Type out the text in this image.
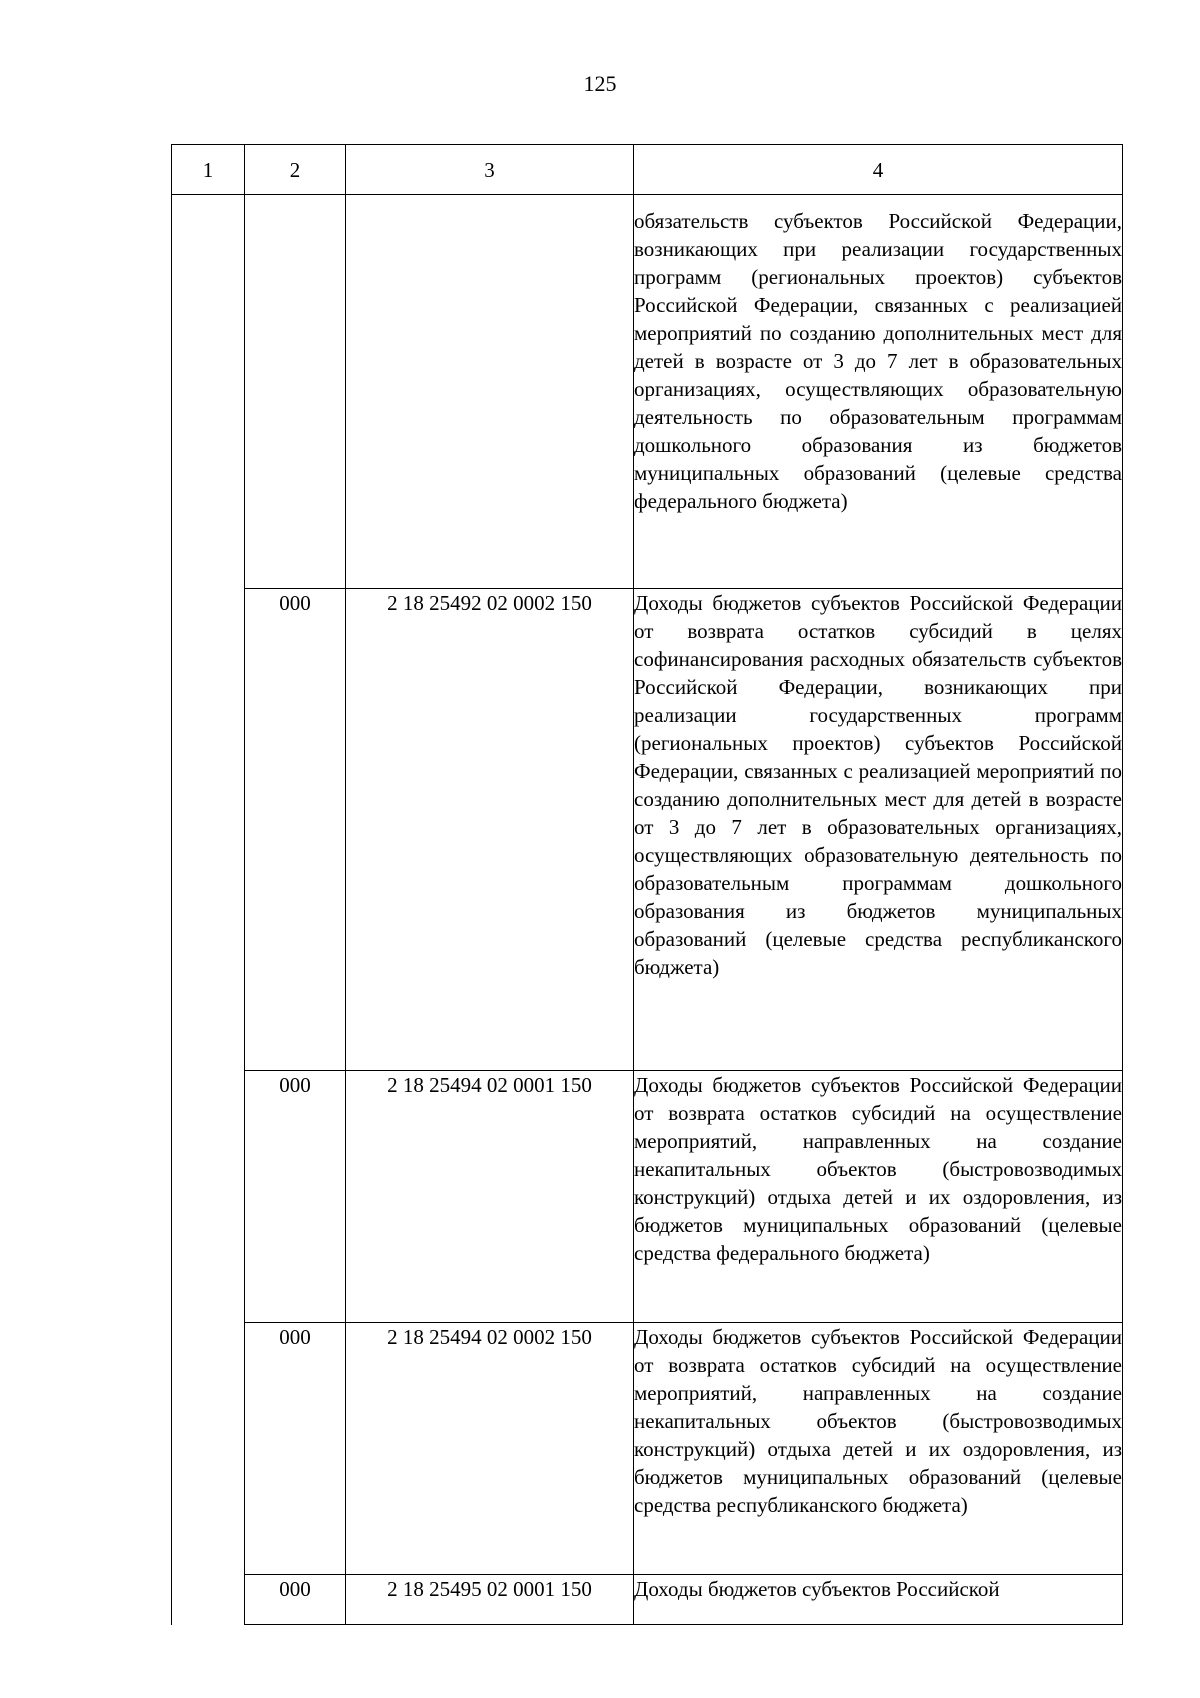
125
1	2	3	4
			обязательств субъектов Российской Федерации, возникающих при реализации государственных программ (региональных проектов) субъектов Российской Федерации, связанных с реализацией мероприятий по созданию дополнительных мест для детей в возрасте от 3 до 7 лет в образовательных организациях, осуществляющих образовательную деятельность по образовательным программам дошкольного образования из бюджетов муниципальных образований (целевые средства федерального бюджета)
	000	2 18 25492 02 0002 150	Доходы бюджетов субъектов Российской Федерации от возврата остатков субсидий в целях софинансирования расходных обязательств субъектов Российской Федерации, возникающих при реализации государственных программ (региональных проектов) субъектов Российской Федерации, связанных с реализацией мероприятий по созданию дополнительных мест для детей в возрасте от 3 до 7 лет в образовательных организациях, осуществляющих образовательную деятельность по образовательным программам дошкольного образования из бюджетов муниципальных образований (целевые средства республиканского бюджета)
	000	2 18 25494 02 0001 150	Доходы бюджетов субъектов Российской Федерации от возврата остатков субсидий на осуществление мероприятий, направленных на создание некапитальных объектов (быстровозводимых конструкций) отдыха детей и их оздоровления, из бюджетов муниципальных образований (целевые средства федерального бюджета)
	000	2 18 25494 02 0002 150	Доходы бюджетов субъектов Российской Федерации от возврата остатков субсидий на осуществление мероприятий, направленных на создание некапитальных объектов (быстровозводимых конструкций) отдыха детей и их оздоровления, из бюджетов муниципальных образований (целевые средства республиканского бюджета)
	000	2 18 25495 02 0001 150	Доходы бюджетов субъектов Российской
